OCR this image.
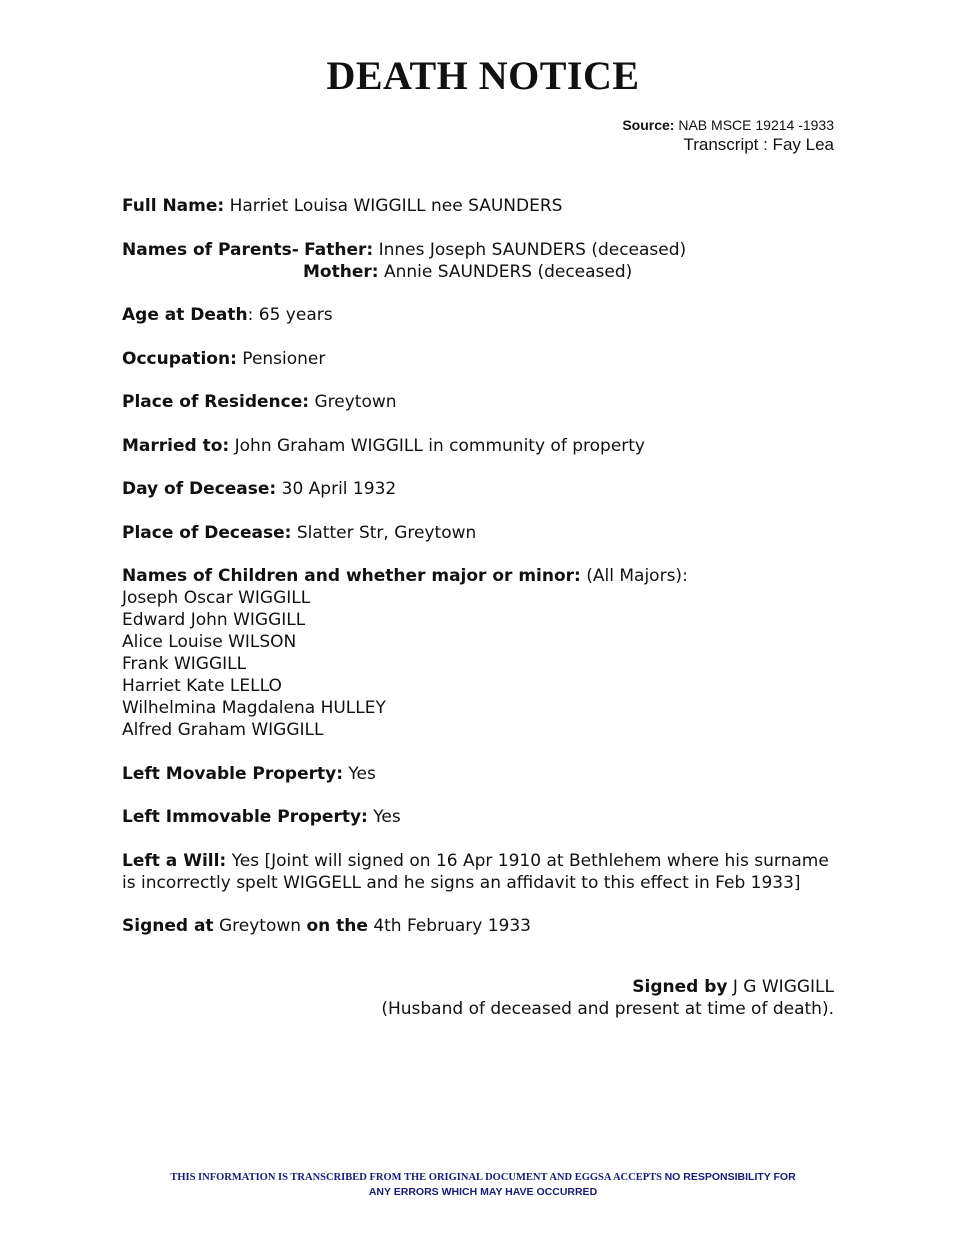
DEATH NOTICE
Source: NAB MSCE 19214 -1933
Transcript : Fay Lea

Full Name: Harriet Louisa WIGGILL nee SAUNDERS

Names of Parents- Father: Innes Joseph SAUNDERS (deceased)

Mother: Annie SAUNDERS (deceased)

Age at Death: 65 years

Occupation: Pensioner

Place of Residence: Greytown

Married to: John Graham WIGGILL in community of property

Day of Decease: 30 April 1932

Place of Decease: Slatter Str, Greytown

Names of Children and whether major or minor: (All Majors):

Joseph Oscar WIGGILL
Edward John WIGGILL
Alice Louise WILSON
Frank WIGGILL
Harriet Kate LELLO
Wilhelmina Magdalena HULLEY
Alfred Graham WIGGILL

Left Movable Property: Yes

Left Immovable Property: Yes

Left a Will: Yes [Joint will signed on 16 Apr 1910 at Bethlehem where his surname is incorrectly spelt WIGGELL and he signs an affidavit to this effect in Feb 1933]

Signed at Greytown on the 4th February 1933

Signed by J G WIGGILL
(Husband of deceased and present at time of death).
THIS INFORMATION IS TRANSCRIBED FROM THE ORIGINAL DOCUMENT AND EGGSA ACCEPTS NO RESPONSIBILITY FOR
ANY ERRORS WHICH MAY HAVE OCCURRED
